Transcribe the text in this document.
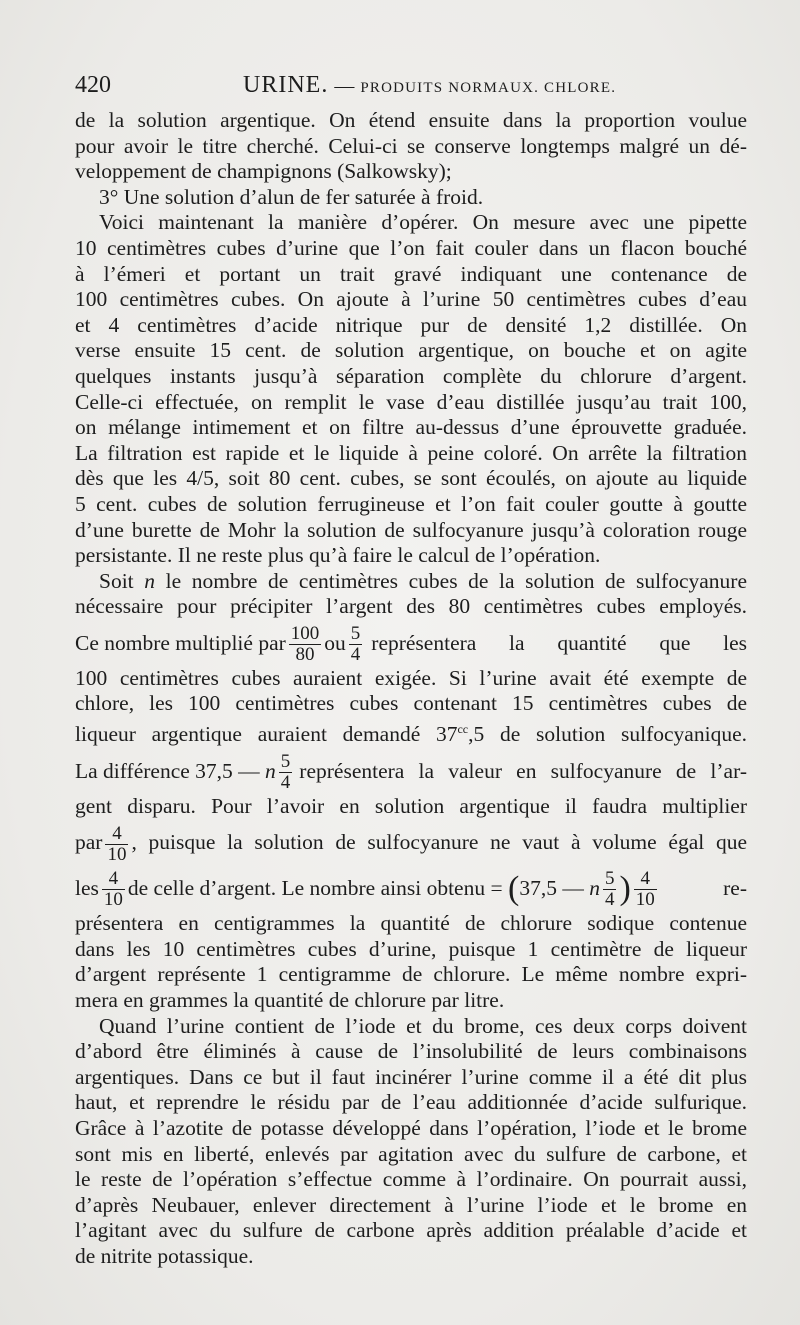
420	URINE. — PRODUITS NORMAUX. CHLORE.
de la solution argentique. On étend ensuite dans la proportion voulue
pour avoir le titre cherché. Celui-ci se conserve longtemps malgré un dé-
veloppement de champignons (Salkowsky);
3° Une solution d’alun de fer saturée à froid.
Voici maintenant la manière d’opérer. On mesure avec une pipette
10 centimètres cubes d’urine que l’on fait couler dans un flacon bouché
à l’émeri et portant un trait gravé indiquant une contenance de
100 centimètres cubes. On ajoute à l’urine 50 centimètres cubes d’eau
et 4 centimètres d’acide nitrique pur de densité 1,2 distillée. On
verse ensuite 15 cent. de solution argentique, on bouche et on agite
quelques instants jusqu’à séparation complète du chlorure d’argent.
Celle-ci effectuée, on remplit le vase d’eau distillée jusqu’au trait 100,
on mélange intimement et on filtre au-dessus d’une éprouvette graduée.
La filtration est rapide et le liquide à peine coloré. On arrête la filtration
dès que les 4/5, soit 80 cent. cubes, se sont écoulés, on ajoute au liquide
5 cent. cubes de solution ferrugineuse et l’on fait couler goutte à goutte
d’une burette de Mohr la solution de sulfocyanure jusqu’à coloration rouge
persistante. Il ne reste plus qu’à faire le calcul de l’opération.
Soit n le nombre de centimètres cubes de la solution de sulfocyanure
nécessaire pour précipiter l’argent des 80 centimètres cubes employés.
Ce nombre multiplié par $\frac{100}{80}$ ou $\frac{5}{4}$ représentera la quantité que les
100 centimètres cubes auraient exigée. Si l’urine avait été exempte de
chlore, les 100 centimètres cubes contenant 15 centimètres cubes de
liqueur argentique auraient demandé $37^{cc},5$ de solution sulfocyanique.
La différence 37,5 — n $\frac{5}{4}$ représentera la valeur en sulfocyanure de l’ar-
gent disparu. Pour l’avoir en solution argentique il faudra multiplier
par $\frac{4}{10}$ , puisque la solution de sulfocyanure ne vaut à volume égal que
les $\frac{4}{10}$ de celle d’argent. Le nombre ainsi obtenu = (37,5 — n $\frac{5}{4}$ ) $\frac{4}{10}$	re-
présentera en centigrammes la quantité de chlorure sodique contenue
dans les 10 centimètres cubes d’urine, puisque 1 centimètre de liqueur
d’argent représente 1 centigramme de chlorure. Le même nombre expri-
mera en grammes la quantité de chlorure par litre.
Quand l’urine contient de l’iode et du brome, ces deux corps doivent
d’abord être éliminés à cause de l’insolubilité de leurs combinaisons
argentiques. Dans ce but il faut incinérer l’urine comme il a été dit plus
haut, et reprendre le résidu par de l’eau additionnée d’acide sulfurique.
Grâce à l’azotite de potasse développé dans l’opération, l’iode et le brome
sont mis en liberté, enlevés par agitation avec du sulfure de carbone, et
le reste de l’opération s’effectue comme à l’ordinaire. On pourrait aussi,
d’après Neubauer, enlever directement à l’urine l’iode et le brome en
l’agitant avec du sulfure de carbone après addition préalable d’acide et
de nitrite potassique.
